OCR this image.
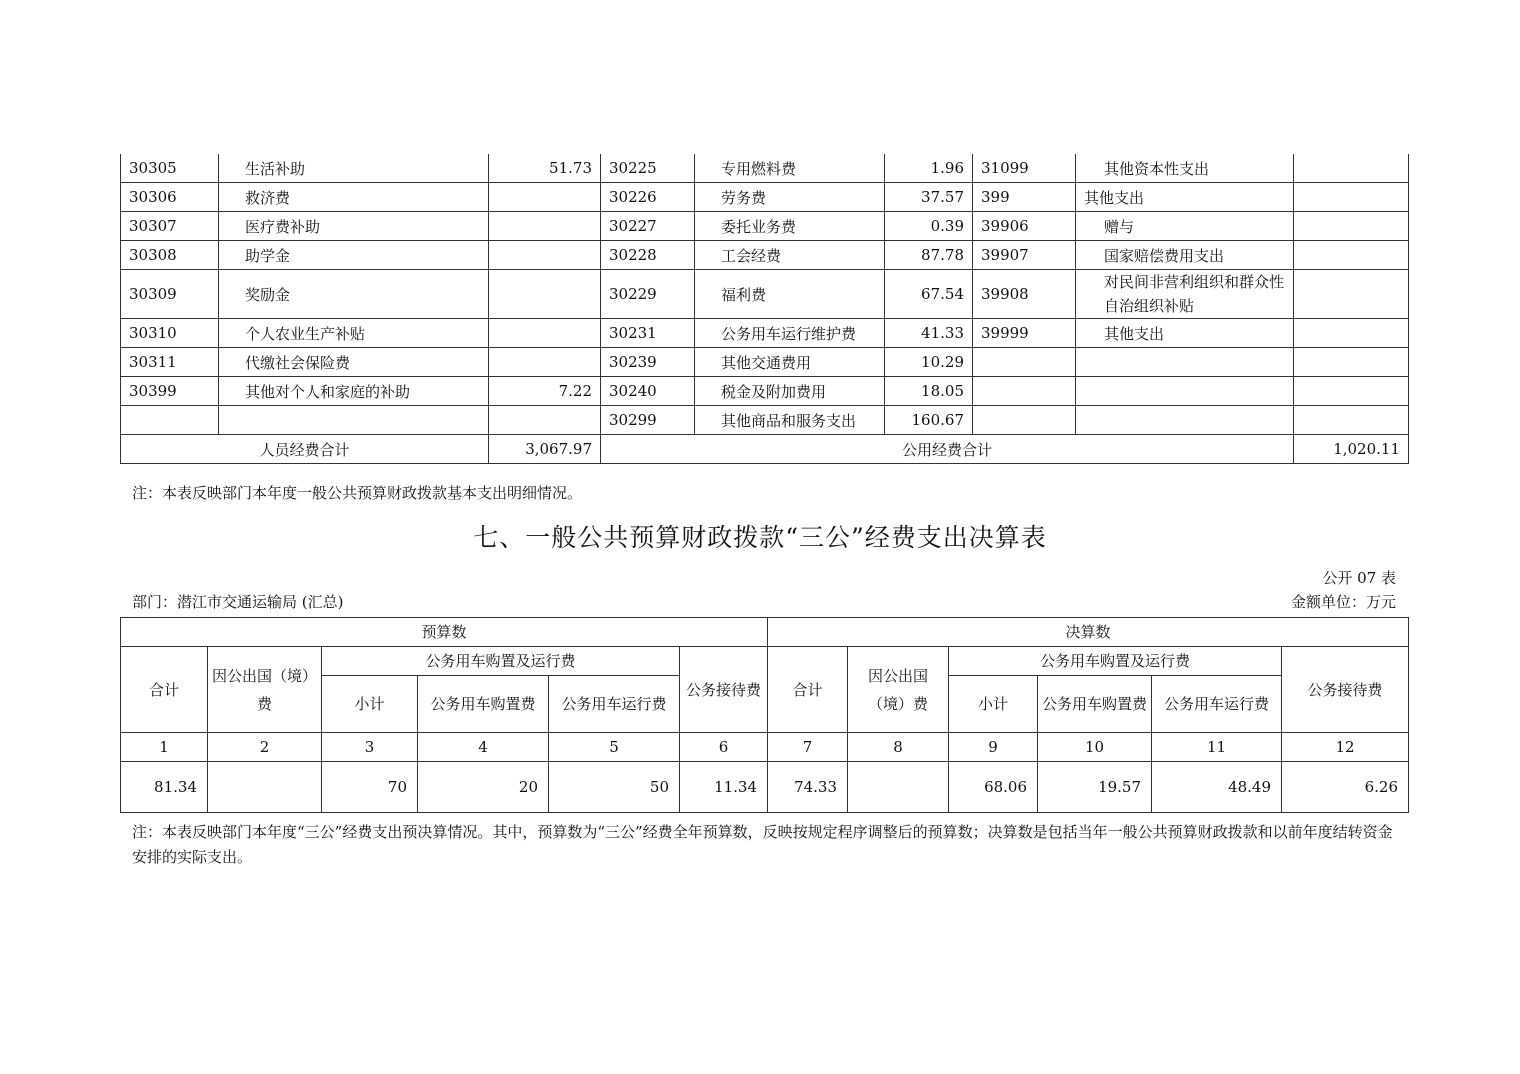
30305	生活补助	51.73	30225	专用燃料费	1.96	31099	其他资本性支出	
30306	救济费		30226	劳务费	37.57	399	其他支出	
30307	医疗费补助		30227	委托业务费	0.39	39906	赠与	
30308	助学金		30228	工会经费	87.78	39907	国家赔偿费用支出	
30309	奖励金		30229	福利费	67.54	39908	对民间非营利组织和群众性自治组织补贴	
30310	个人农业生产补贴		30231	公务用车运行维护费	41.33	39999	其他支出	
30311	代缴社会保险费		30239	其他交通费用	10.29			
30399	其他对个人和家庭的补助	7.22	30240	税金及附加费用	18.05			
			30299	其他商品和服务支出	160.67			
人员经费合计		3,067.97	公用经费合计					1,020.11
注：本表反映部门本年度一般公共预算财政拨款基本支出明细情况。
七、一般公共预算财政拨款“三公”经费支出决算表
公开 07 表
部门：潜江市交通运输局 (汇总)	金额单位：万元
预算数						决算数					
合计	因公出国（境）费	公务用车购置及运行费			公务接待费	合计	因公出国（境）费	公务用车购置及运行费			公务接待费
		小计	公务用车购置费	公务用车运行费				小计	公务用车购置费	公务用车运行费	
1	2	3	4	5	6	7	8	9	10	11	12
81.34		70	20	50	11.34	74.33		68.06	19.57	48.49	6.26
注：本表反映部门本年度“三公”经费支出预决算情况。其中，预算数为“三公”经费全年预算数，反映按规定程序调整后的预算数；决算数是包括当年一般公共预算财政拨款和以前年度结转资金安排的实际支出。
